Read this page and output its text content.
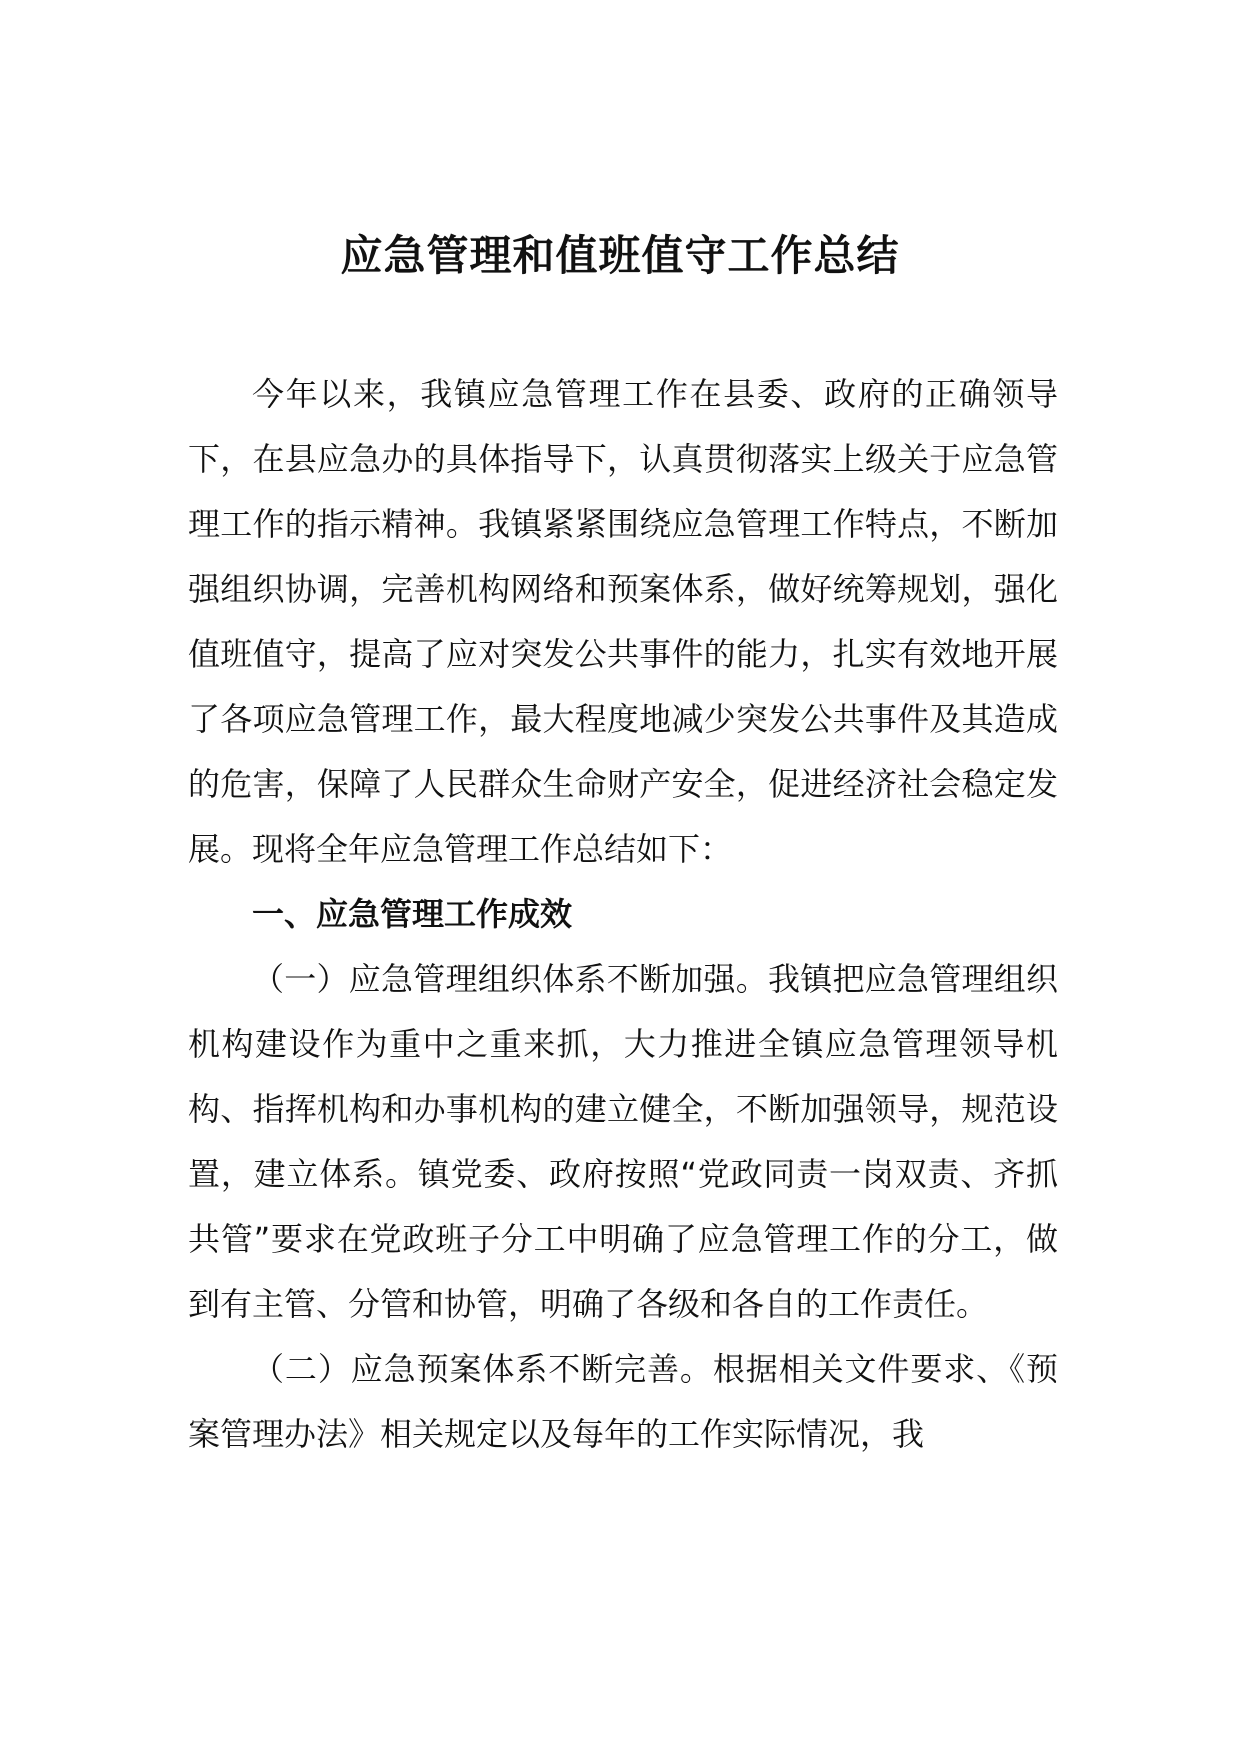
应急管理和值班值守工作总结

今年以来，我镇应急管理工作在县委、政府的正确领导下，在县应急办的具体指导下，认真贯彻落实上级关于应急管理工作的指示精神。我镇紧紧围绕应急管理工作特点，不断加强组织协调，完善机构网络和预案体系，做好统筹规划，强化值班值守，提高了应对突发公共事件的能力，扎实有效地开展了各项应急管理工作，最大程度地减少突发公共事件及其造成的危害，保障了人民群众生命财产安全，促进经济社会稳定发展。现将全年应急管理工作总结如下：

一、应急管理工作成效

（一）应急管理组织体系不断加强。我镇把应急管理组织机构建设作为重中之重来抓，大力推进全镇应急管理领导机构、指挥机构和办事机构的建立健全，不断加强领导，规范设置，建立体系。镇党委、政府按照“党政同责一岗双责、齐抓共管”要求在党政班子分工中明确了应急管理工作的分工，做到有主管、分管和协管，明确了各级和各自的工作责任。

（二）应急预案体系不断完善。根据相关文件要求、《预案管理办法》相关规定以及每年的工作实际情况，我
